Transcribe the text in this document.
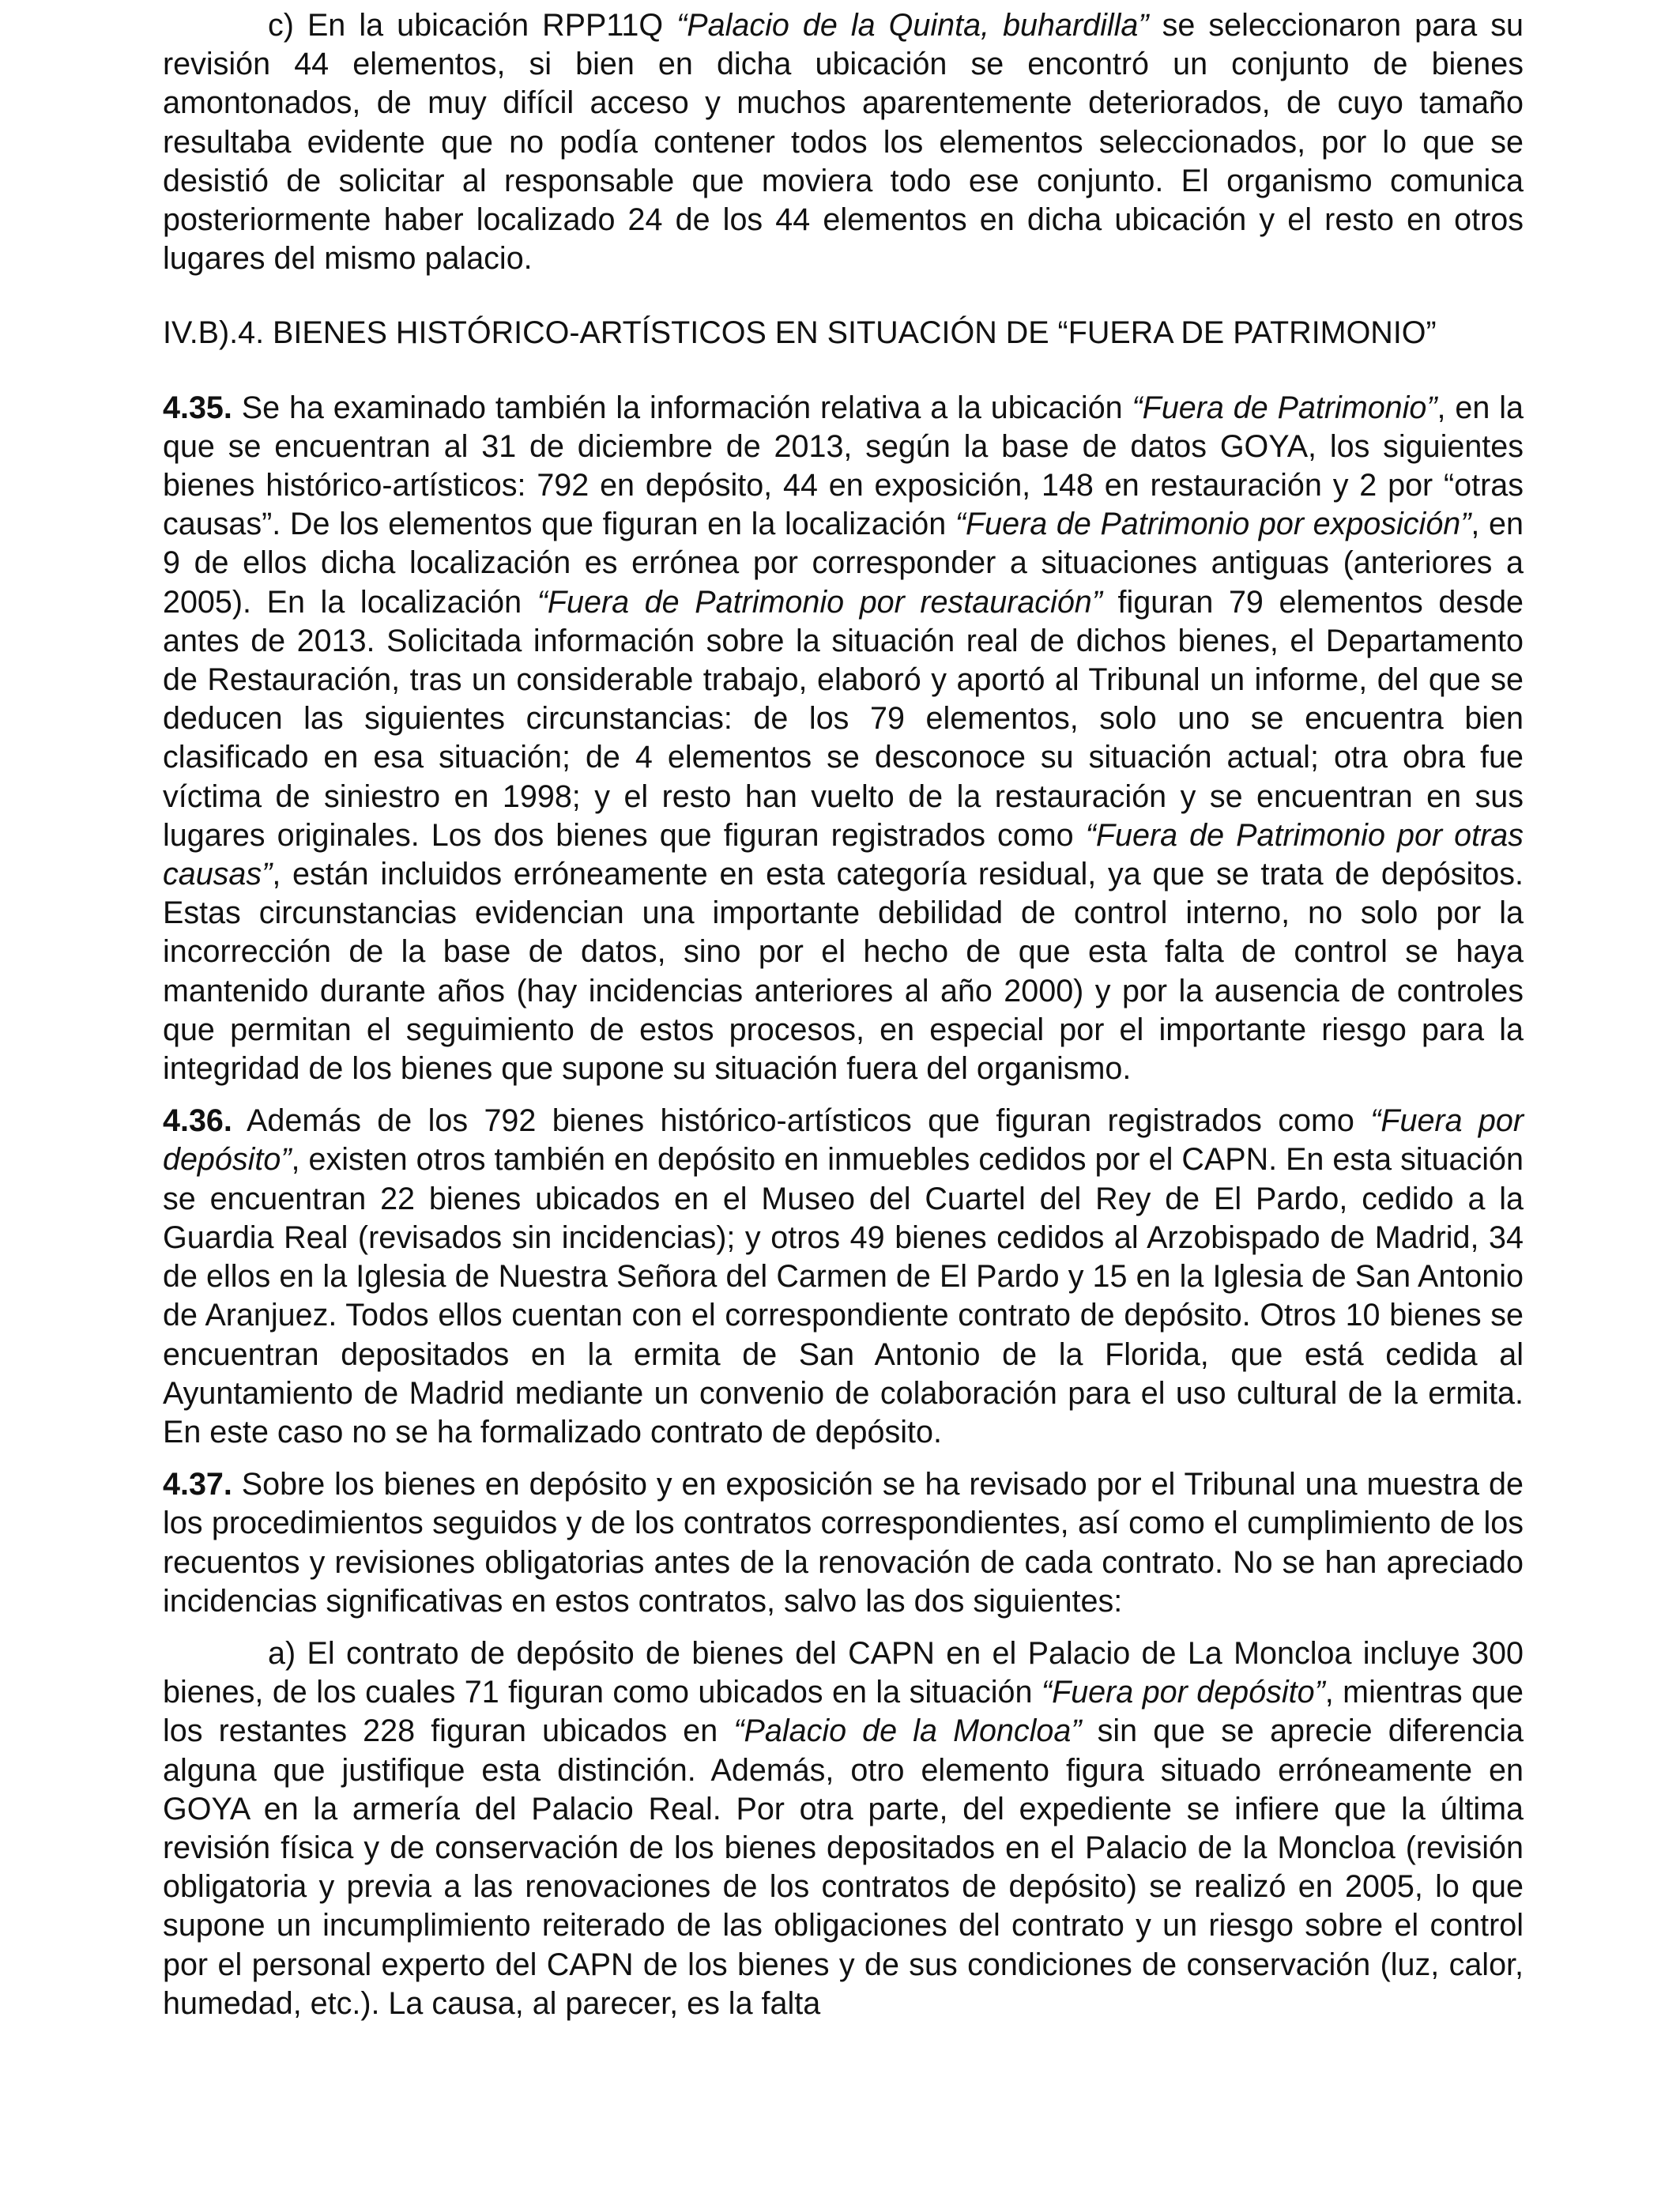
c) En la ubicación RPP11Q “Palacio de la Quinta, buhardilla” se seleccionaron para su revisión 44 elementos, si bien en dicha ubicación se encontró un conjunto de bienes amontonados, de muy difícil acceso y muchos aparentemente deteriorados, de cuyo tamaño resultaba evidente que no podía contener todos los elementos seleccionados, por lo que se desistió de solicitar al responsable que moviera todo ese conjunto. El organismo comunica posteriormente haber localizado 24 de los 44 elementos en dicha ubicación y el resto en otros lugares del mismo palacio.

IV.B).4. BIENES HISTÓRICO-ARTÍSTICOS EN SITUACIÓN DE “FUERA DE PATRIMONIO”

4.35. Se ha examinado también la información relativa a la ubicación “Fuera de Patrimonio”, en la que se encuentran al 31 de diciembre de 2013, según la base de datos GOYA, los siguientes bienes histórico-artísticos: 792 en depósito, 44 en exposición, 148 en restauración y 2 por “otras causas”. De los elementos que figuran en la localización “Fuera de Patrimonio por exposición”, en 9 de ellos dicha localización es errónea por corresponder a situaciones antiguas (anteriores a 2005). En la localización “Fuera de Patrimonio por restauración” figuran 79 elementos desde antes de 2013. Solicitada información sobre la situación real de dichos bienes, el Departamento de Restauración, tras un considerable trabajo, elaboró y aportó al Tribunal un informe, del que se deducen las siguientes circunstancias: de los 79 elementos, solo uno se encuentra bien clasificado en esa situación; de 4 elementos se desconoce su situación actual; otra obra fue víctima de siniestro en 1998; y el resto han vuelto de la restauración y se encuentran en sus lugares originales. Los dos bienes que figuran registrados como “Fuera de Patrimonio por otras causas”, están incluidos erróneamente en esta categoría residual, ya que se trata de depósitos. Estas circunstancias evidencian una importante debilidad de control interno, no solo por la incorrección de la base de datos, sino por el hecho de que esta falta de control se haya mantenido durante años (hay incidencias anteriores al año 2000) y por la ausencia de controles que permitan el seguimiento de estos procesos, en especial por el importante riesgo para la integridad de los bienes que supone su situación fuera del organismo.

4.36. Además de los 792 bienes histórico-artísticos que figuran registrados como “Fuera por depósito”, existen otros también en depósito en inmuebles cedidos por el CAPN. En esta situación se encuentran 22 bienes ubicados en el Museo del Cuartel del Rey de El Pardo, cedido a la Guardia Real (revisados sin incidencias); y otros 49 bienes cedidos al Arzobispado de Madrid, 34 de ellos en la Iglesia de Nuestra Señora del Carmen de El Pardo y 15 en la Iglesia de San Antonio de Aranjuez. Todos ellos cuentan con el correspondiente contrato de depósito. Otros 10 bienes se encuentran depositados en la ermita de San Antonio de la Florida, que está cedida al Ayuntamiento de Madrid mediante un convenio de colaboración para el uso cultural de la ermita. En este caso no se ha formalizado contrato de depósito.

4.37. Sobre los bienes en depósito y en exposición se ha revisado por el Tribunal una muestra de los procedimientos seguidos y de los contratos correspondientes, así como el cumplimiento de los recuentos y revisiones obligatorias antes de la renovación de cada contrato. No se han apreciado incidencias significativas en estos contratos, salvo las dos siguientes:

a) El contrato de depósito de bienes del CAPN en el Palacio de La Moncloa incluye 300 bienes, de los cuales 71 figuran como ubicados en la situación “Fuera por depósito”, mientras que los restantes 228 figuran ubicados en “Palacio de la Moncloa” sin que se aprecie diferencia alguna que justifique esta distinción. Además, otro elemento figura situado erróneamente en GOYA en la armería del Palacio Real. Por otra parte, del expediente se infiere que la última revisión física y de conservación de los bienes depositados en el Palacio de la Moncloa (revisión obligatoria y previa a las renovaciones de los contratos de depósito) se realizó en 2005, lo que supone un incumplimiento reiterado de las obligaciones del contrato y un riesgo sobre el control por el personal experto del CAPN de los bienes y de sus condiciones de conservación (luz, calor, humedad, etc.). La causa, al parecer, es la falta
